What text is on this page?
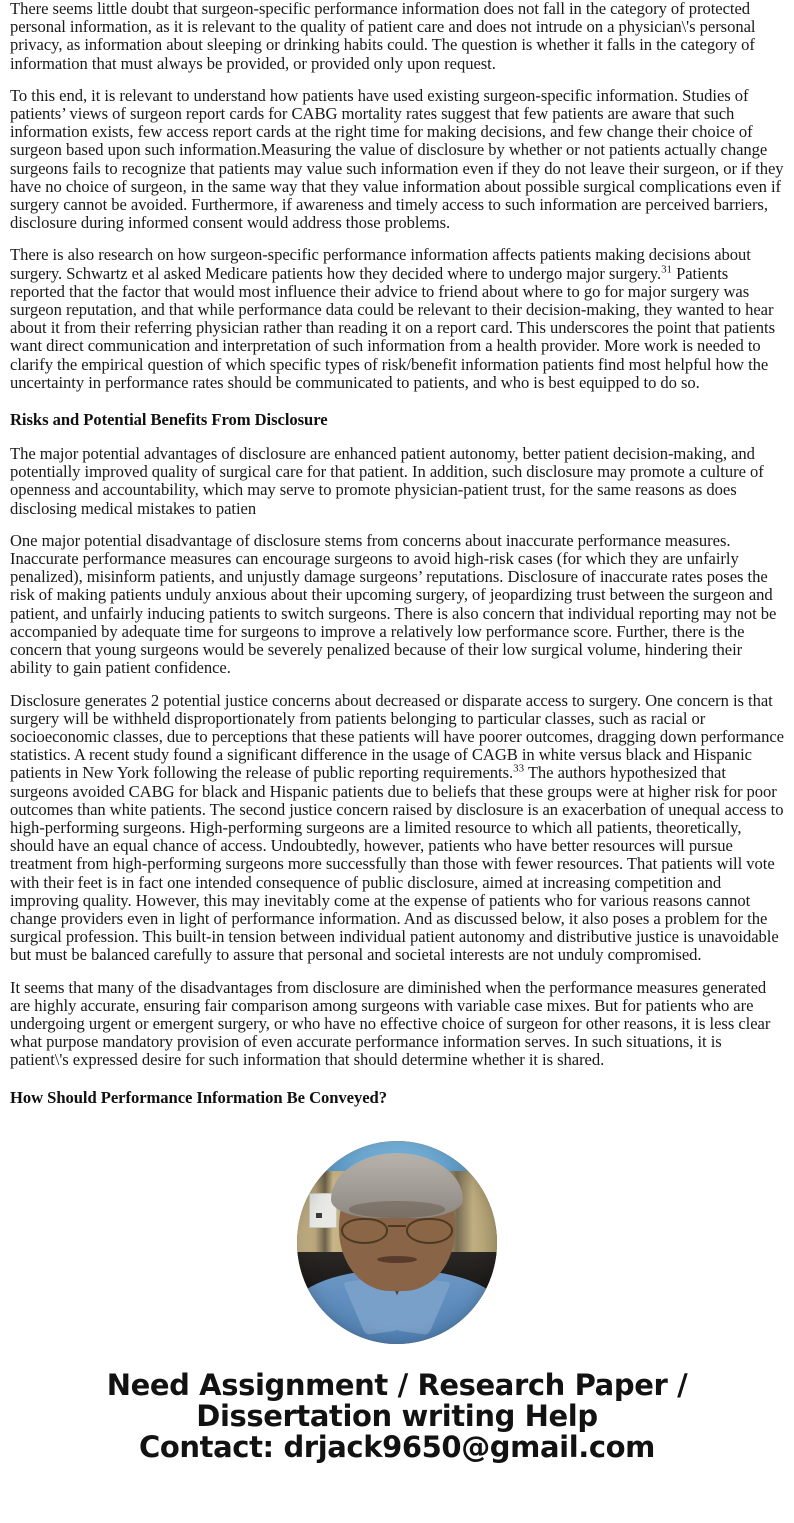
There seems little doubt that surgeon-specific performance information does not fall in the category of protected personal information, as it is relevant to the quality of patient care and does not intrude on a physician\'s personal privacy, as information about sleeping or drinking habits could. The question is whether it falls in the category of information that must always be provided, or provided only upon request.

To this end, it is relevant to understand how patients have used existing surgeon-specific information. Studies of patients’ views of surgeon report cards for CABG mortality rates suggest that few patients are aware that such information exists, few access report cards at the right time for making decisions, and few change their choice of surgeon based upon such information.Measuring the value of disclosure by whether or not patients actually change surgeons fails to recognize that patients may value such information even if they do not leave their surgeon, or if they have no choice of surgeon, in the same way that they value information about possible surgical complications even if surgery cannot be avoided. Furthermore, if awareness and timely access to such information are perceived barriers, disclosure during informed consent would address those problems.

There is also research on how surgeon-specific performance information affects patients making decisions about surgery. Schwartz et al asked Medicare patients how they decided where to undergo major surgery.$^{31}$ Patients reported that the factor that would most influence their advice to friend about where to go for major surgery was surgeon reputation, and that while performance data could be relevant to their decision-making, they wanted to hear about it from their referring physician rather than reading it on a report card. This underscores the point that patients want direct communication and interpretation of such information from a health provider. More work is needed to clarify the empirical question of which specific types of risk/benefit information patients find most helpful how the uncertainty in performance rates should be communicated to patients, and who is best equipped to do so.

Risks and Potential Benefits From Disclosure

The major potential advantages of disclosure are enhanced patient autonomy, better patient decision-making, and potentially improved quality of surgical care for that patient. In addition, such disclosure may promote a culture of openness and accountability, which may serve to promote physician-patient trust, for the same reasons as does disclosing medical mistakes to patien

One major potential disadvantage of disclosure stems from concerns about inaccurate performance measures. Inaccurate performance measures can encourage surgeons to avoid high-risk cases (for which they are unfairly penalized), misinform patients, and unjustly damage surgeons’ reputations. Disclosure of inaccurate rates poses the risk of making patients unduly anxious about their upcoming surgery, of jeopardizing trust between the surgeon and patient, and unfairly inducing patients to switch surgeons. There is also concern that individual reporting may not be accompanied by adequate time for surgeons to improve a relatively low performance score. Further, there is the concern that young surgeons would be severely penalized because of their low surgical volume, hindering their ability to gain patient confidence.

Disclosure generates 2 potential justice concerns about decreased or disparate access to surgery. One concern is that surgery will be withheld disproportionately from patients belonging to particular classes, such as racial or socioeconomic classes, due to perceptions that these patients will have poorer outcomes, dragging down performance statistics. A recent study found a significant difference in the usage of CAGB in white versus black and Hispanic patients in New York following the release of public reporting requirements.$^{33}$ The authors hypothesized that surgeons avoided CABG for black and Hispanic patients due to beliefs that these groups were at higher risk for poor outcomes than white patients. The second justice concern raised by disclosure is an exacerbation of unequal access to high-performing surgeons. High-performing surgeons are a limited resource to which all patients, theoretically, should have an equal chance of access. Undoubtedly, however, patients who have better resources will pursue treatment from high-performing surgeons more successfully than those with fewer resources. That patients will vote with their feet is in fact one intended consequence of public disclosure, aimed at increasing competition and improving quality. However, this may inevitably come at the expense of patients who for various reasons cannot change providers even in light of performance information. And as discussed below, it also poses a problem for the surgical profession. This built-in tension between individual patient autonomy and distributive justice is unavoidable but must be balanced carefully to assure that personal and societal interests are not unduly compromised.

It seems that many of the disadvantages from disclosure are diminished when the performance measures generated are highly accurate, ensuring fair comparison among surgeons with variable case mixes. But for patients who are undergoing urgent or emergent surgery, or who have no effective choice of surgeon for other reasons, it is less clear what purpose mandatory provision of even accurate performance information serves. In such situations, it is patient\'s expressed desire for such information that should determine whether it is shared.

How Should Performance Information Be Conveyed?
Need Assignment / Research Paper / Dissertation writing Help
Contact: drjack9650@gmail.com
